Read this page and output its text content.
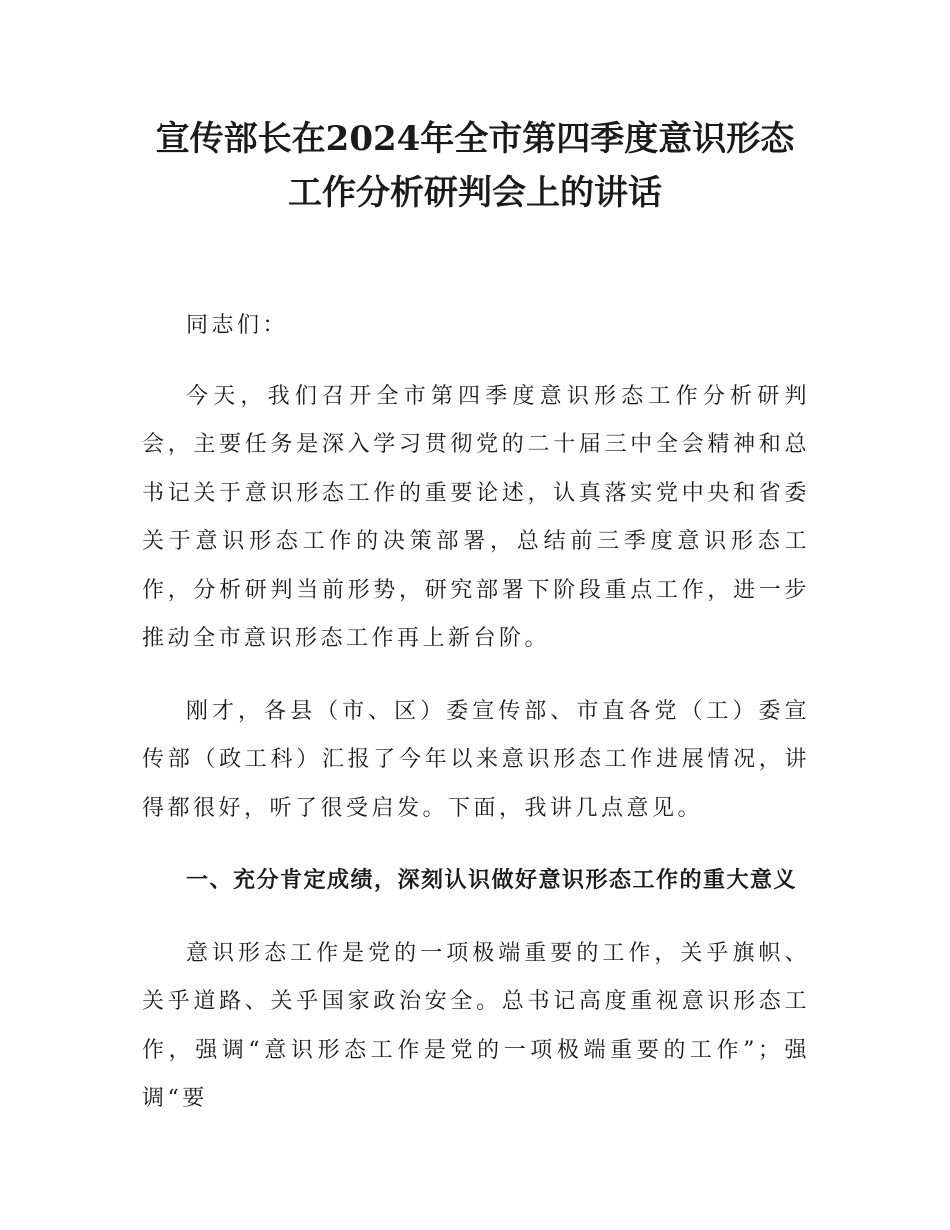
宣传部长在2024年全市第四季度意识形态工作分析研判会上的讲话

同志们：

今天，我们召开全市第四季度意识形态工作分析研判会，主要任务是深入学习贯彻党的二十届三中全会精神和总书记关于意识形态工作的重要论述，认真落实党中央和省委关于意识形态工作的决策部署，总结前三季度意识形态工作，分析研判当前形势，研究部署下阶段重点工作，进一步推动全市意识形态工作再上新台阶。

刚才，各县（市、区）委宣传部、市直各党（工）委宣传部（政工科）汇报了今年以来意识形态工作进展情况，讲得都很好，听了很受启发。下面，我讲几点意见。

一、充分肯定成绩，深刻认识做好意识形态工作的重大意义

意识形态工作是党的一项极端重要的工作，关乎旗帜、关乎道路、关乎国家政治安全。总书记高度重视意识形态工作，强调“意识形态工作是党的一项极端重要的工作”；强调“要
